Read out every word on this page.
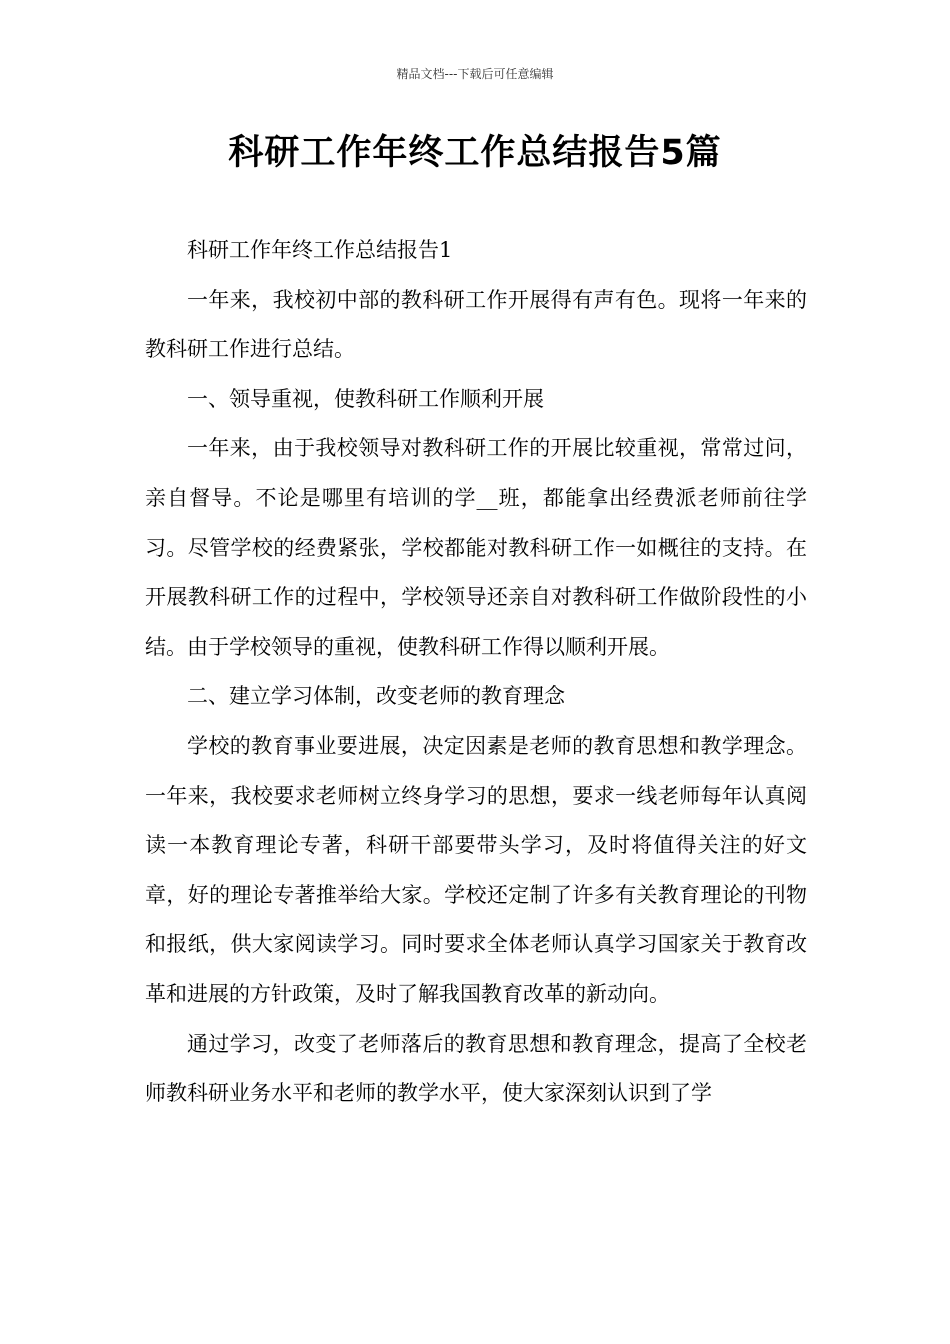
精品文档---下载后可任意编辑
科研工作年终工作总结报告5篇

科研工作年终工作总结报告1

一年来，我校初中部的教科研工作开展得有声有色。现将一年来的教科研工作进行总结。

一、领导重视，使教科研工作顺利开展

一年来，由于我校领导对教科研工作的开展比较重视，常常过问，亲自督导。不论是哪里有培训的学__班，都能拿出经费派老师前往学习。尽管学校的经费紧张，学校都能对教科研工作一如概往的支持。在开展教科研工作的过程中，学校领导还亲自对教科研工作做阶段性的小结。由于学校领导的重视，使教科研工作得以顺利开展。

二、建立学习体制，改变老师的教育理念

学校的教育事业要进展，决定因素是老师的教育思想和教学理念。一年来，我校要求老师树立终身学习的思想，要求一线老师每年认真阅读一本教育理论专著，科研干部要带头学习，及时将值得关注的好文章，好的理论专著推举给大家。学校还定制了许多有关教育理论的刊物和报纸，供大家阅读学习。同时要求全体老师认真学习国家关于教育改革和进展的方针政策，及时了解我国教育改革的新动向。

通过学习，改变了老师落后的教育思想和教育理念，提高了全校老师教科研业务水平和老师的教学水平，使大家深刻认识到了学
